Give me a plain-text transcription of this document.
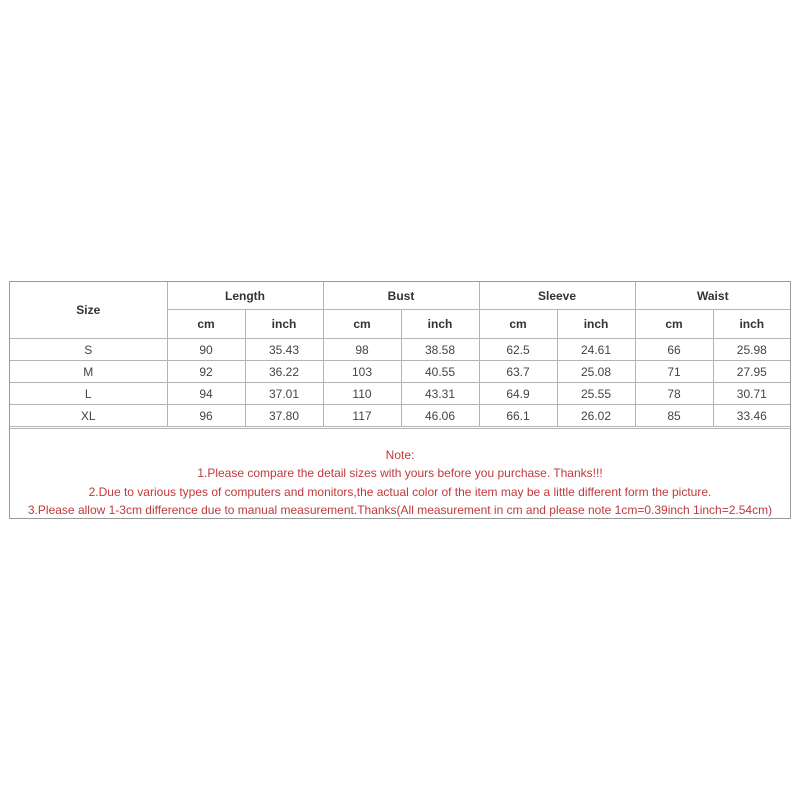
Size	Length		Bust		Sleeve		Waist	
	cm	inch	cm	inch	cm	inch	cm	inch
S	90	35.43	98	38.58	62.5	24.61	66	25.98
M	92	36.22	103	40.55	63.7	25.08	71	27.95
L	94	37.01	110	43.31	64.9	25.55	78	30.71
XL	96	37.80	117	46.06	66.1	26.02	85	33.46
Note:
1.Please compare the detail sizes with yours before you purchase. Thanks!!!
2.Due to various types of computers and monitors,the actual color of the item may be a little different form the picture.
3.Please allow 1-3cm difference due to manual measurement.Thanks(All measurement in cm and please note 1cm=0.39inch 1inch=2.54cm)
